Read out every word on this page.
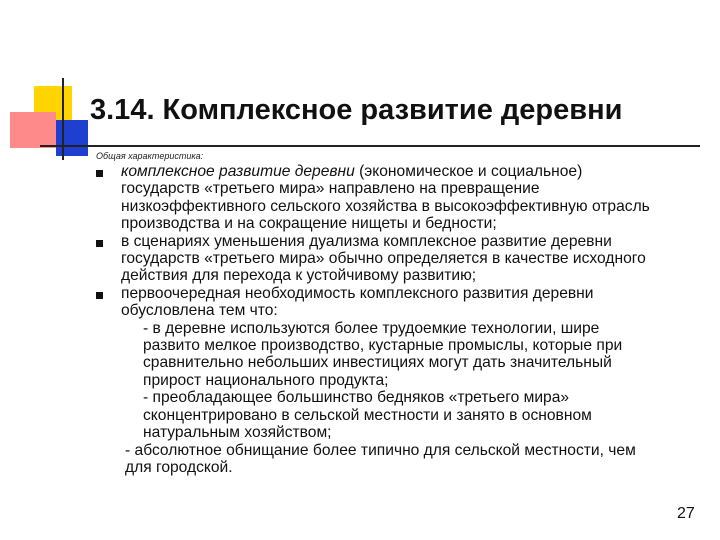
3.14. Комплексное развитие деревни
Общая характеристика:
комплексное развитие деревни (экономическое и социальное) государств «третьего мира» направлено на превращение низкоэффективного сельского хозяйства в высокоэффективную отрасль производства и на сокращение нищеты и бедности;
в сценариях уменьшения дуализма комплексное развитие деревни государств «третьего мира» обычно определяется в качестве исходного действия для перехода к устойчивому развитию;
первоочередная необходимость комплексного развития деревни обусловлена тем что:
- в деревне используются более трудоемкие технологии, шире развито мелкое производство, кустарные промыслы, которые при сравнительно небольших инвестициях могут дать значительный прирост национального продукта;
- преобладающее большинство бедняков «третьего мира» сконцентрировано в сельской местности и занято в основном натуральным хозяйством;
- абсолютное обнищание более типично для сельской местности, чем для городской.
27
